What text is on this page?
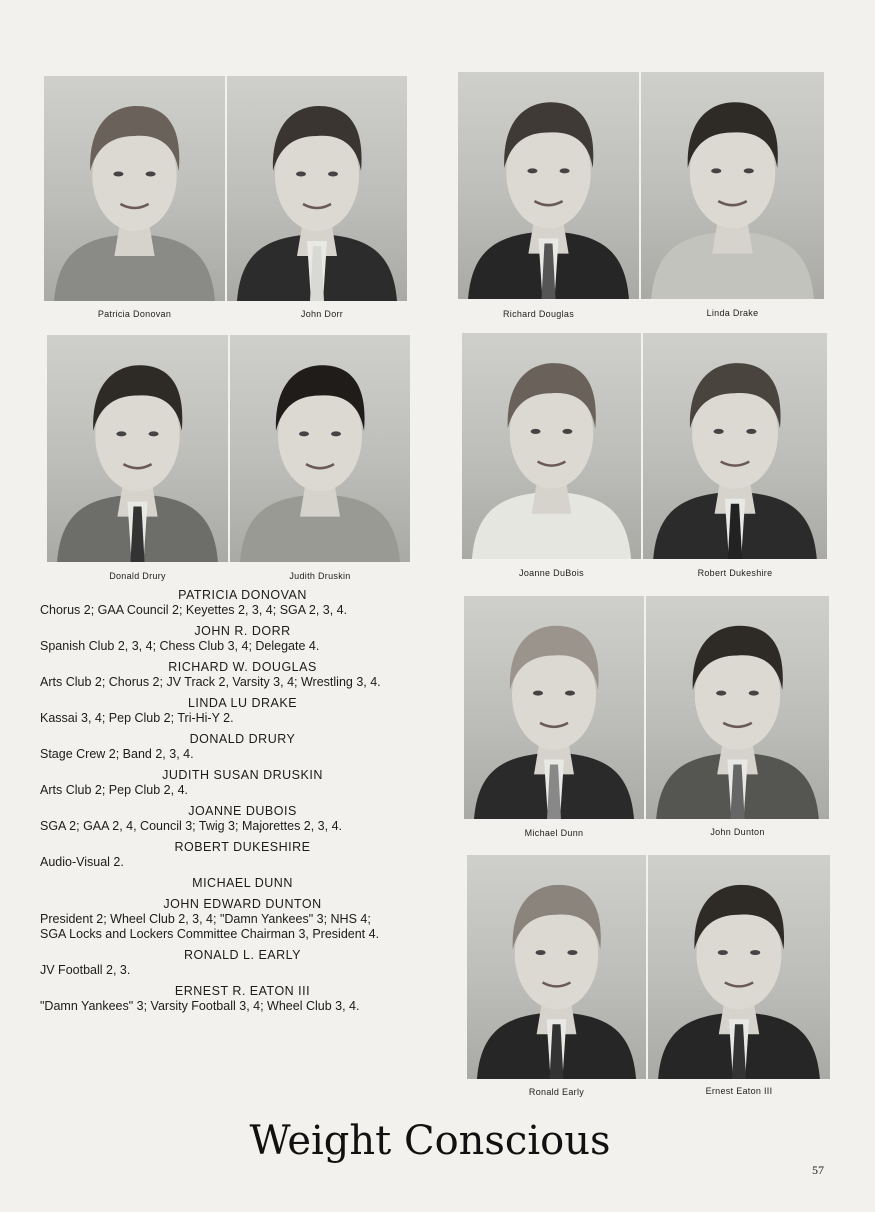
Patricia Donovan	John Dorr	Richard Douglas	Linda Drake
Donald Drury	Judith Druskin	Joanne DuBois	Robert Dukeshire
Michael Dunn	John Dunton
Ronald Early	Ernest Eaton III
PATRICIA DONOVAN
Chorus 2; GAA Council 2; Keyettes 2, 3, 4; SGA 2, 3, 4.
JOHN R. DORR
Spanish Club 2, 3, 4; Chess Club 3, 4; Delegate 4.
RICHARD W. DOUGLAS
Arts Club 2; Chorus 2; JV Track 2, Varsity 3, 4; Wrestling 3, 4.
LINDA LU DRAKE
Kassai 3, 4; Pep Club 2; Tri-Hi-Y 2.
DONALD DRURY
Stage Crew 2; Band 2, 3, 4.
JUDITH SUSAN DRUSKIN
Arts Club 2; Pep Club 2, 4.
JOANNE DUBOIS
SGA 2; GAA 2, 4, Council 3; Twig 3; Majorettes 2, 3, 4.
ROBERT DUKESHIRE
Audio-Visual 2.
MICHAEL DUNN
JOHN EDWARD DUNTON
President 2; Wheel Club 2, 3, 4; "Damn Yankees" 3; NHS 4;
SGA Locks and Lockers Committee Chairman 3, President 4.
RONALD L. EARLY
JV Football 2, 3.
ERNEST R. EATON III
"Damn Yankees" 3; Varsity Football 3, 4; Wheel Club 3, 4.
Weight Conscious
57
